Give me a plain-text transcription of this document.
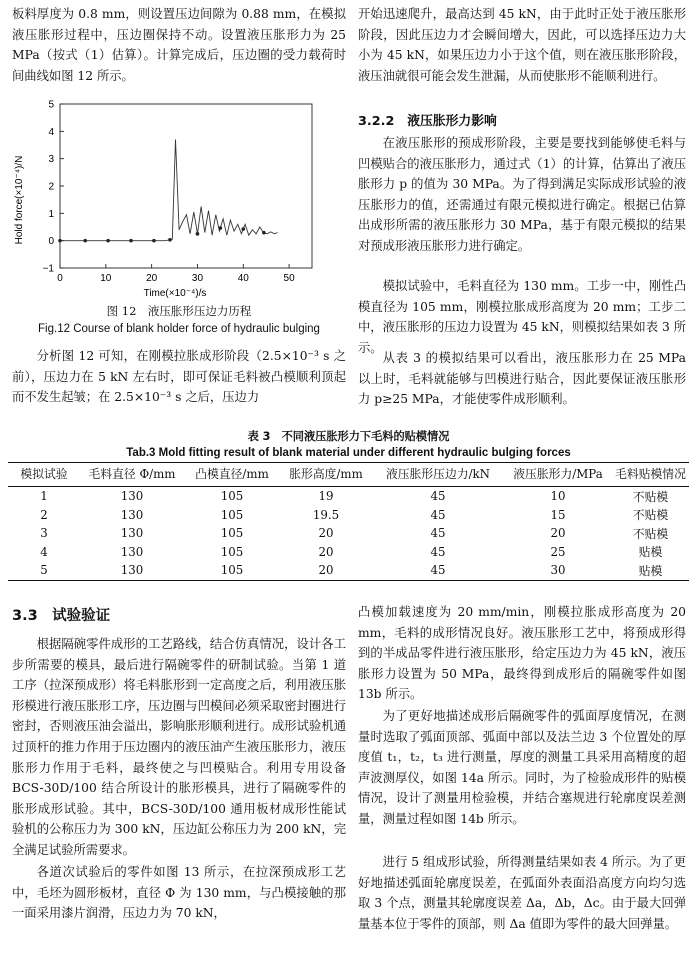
板料厚度为 0.8 mm，则设置压边间隙为 0.88 mm，在模拟液压胀形过程中，压边圈保持不动。设置液压胀形力为 25 MPa（按式（1）估算）。计算完成后，压边圈的受力载荷时间曲线如图 12 所示。
0	10	20	30	40	50
−1
0
1
2
3
4
5
Hold force(×10⁻⁴)/N
Time(×10⁻⁴)/s
图 12　液压胀形压边力历程
Fig.12 Course of blank holder force of hydraulic bulging
分析图 12 可知，在刚模拉胀成形阶段（2.5×10⁻³ s 之前），压边力在 5 kN 左右时，即可保证毛料被凸模顺利顶起而不发生起皱；在 2.5×10⁻³ s 之后，压边力
开始迅速爬升，最高达到 45 kN，由于此时正处于液压胀形阶段，因此压边力才会瞬间增大，因此，可以选择压边力大小为 45 kN，如果压边力小于这个值，则在液压胀形阶段，液压油就很可能会发生泄漏，从而使胀形不能顺利进行。
3.2.2　液压胀形力影响
在液压胀形的预成形阶段，主要是要找到能够使毛料与凹模贴合的液压胀形力，通过式（1）的计算，估算出了液压胀形力 p 的值为 30 MPa。为了得到满足实际成形试验的液压胀形力的值，还需通过有限元模拟进行确定。根据已估算出成形所需的液压胀形力 30 MPa，基于有限元模拟的结果对预成形液压胀形力进行确定。
模拟试验中，毛料直径为 130 mm。工步一中，刚性凸模直径为 105 mm，刚模拉胀成形高度为 20 mm；工步二中，液压胀形的压边力设置为 45 kN，则模拟结果如表 3 所示。
从表 3 的模拟结果可以看出，液压胀形力在 25 MPa 以上时，毛料就能够与凹模进行贴合，因此要保证液压胀形力 p≥25 MPa，才能使零件成形顺利。
表 3　不同液压胀形力下毛料的贴模情况
Tab.3 Mold fitting result of blank material under different hydraulic bulging forces
模拟试验	毛料直径 Φ/mm	凸模直径/mm	胀形高度/mm	液压胀形压边力/kN	液压胀形力/MPa	毛料贴模情况
1	130	105	19	45	10	不贴模
2	130	105	19.5	45	15	不贴模
3	130	105	20	45	20	不贴模
4	130	105	20	45	25	贴模
5	130	105	20	45	30	贴模
3.3　试验验证
根据隔碗零件成形的工艺路线，结合仿真情况，设计各工步所需要的模具，最后进行隔碗零件的研制试验。当第 1 道工序（拉深预成形）将毛料胀形到一定高度之后，利用液压胀形模进行液压胀形工序，压边圈与凹模间必须采取密封圈进行密封，否则液压油会溢出，影响胀形顺利进行。成形试验机通过顶杆的推力作用于压边圈内的液压油产生液压胀形力，液压胀形力作用于毛料，最终使之与凹模贴合。利用专用设备 BCS-30D/100 结合所设计的胀形模具，进行了隔碗零件的胀形成形试验。其中，BCS-30D/100 通用板材成形性能试验机的公称压力为 300 kN，压边缸公称压力为 200 kN，完全满足试验所需要求。
各道次试验后的零件如图 13 所示，在拉深预成形工艺中，毛坯为圆形板材，直径 Φ 为 130 mm，与凸模接触的那一面采用漆片润滑，压边力为 70 kN，
凸模加载速度为 20 mm/min，刚模拉胀成形高度为 20 mm，毛料的成形情况良好。液压胀形工艺中，将预成形得到的半成品零件进行液压胀形，给定压边力为 45 kN，液压胀形力设置为 50 MPa，最终得到成形后的隔碗零件如图 13b 所示。
为了更好地描述成形后隔碗零件的弧面厚度情况，在测量时选取了弧面顶部、弧面中部以及法兰边 3 个位置处的厚度值 t₁，t₂，t₃ 进行测量，厚度的测量工具采用高精度的超声波测厚仪，如图 14a 所示。同时，为了检验成形件的贴模情况，设计了测量用检验模，并结合塞规进行轮廓度误差测量，测量过程如图 14b 所示。
进行 5 组成形试验，所得测量结果如表 4 所示。为了更好地描述弧面轮廓度误差，在弧面外表面沿高度方向均匀选取 3 个点，测量其轮廓度误差 Δa，Δb，Δc。由于最大回弹量基本位于零件的顶部，则 Δa 值即为零件的最大回弹量。
